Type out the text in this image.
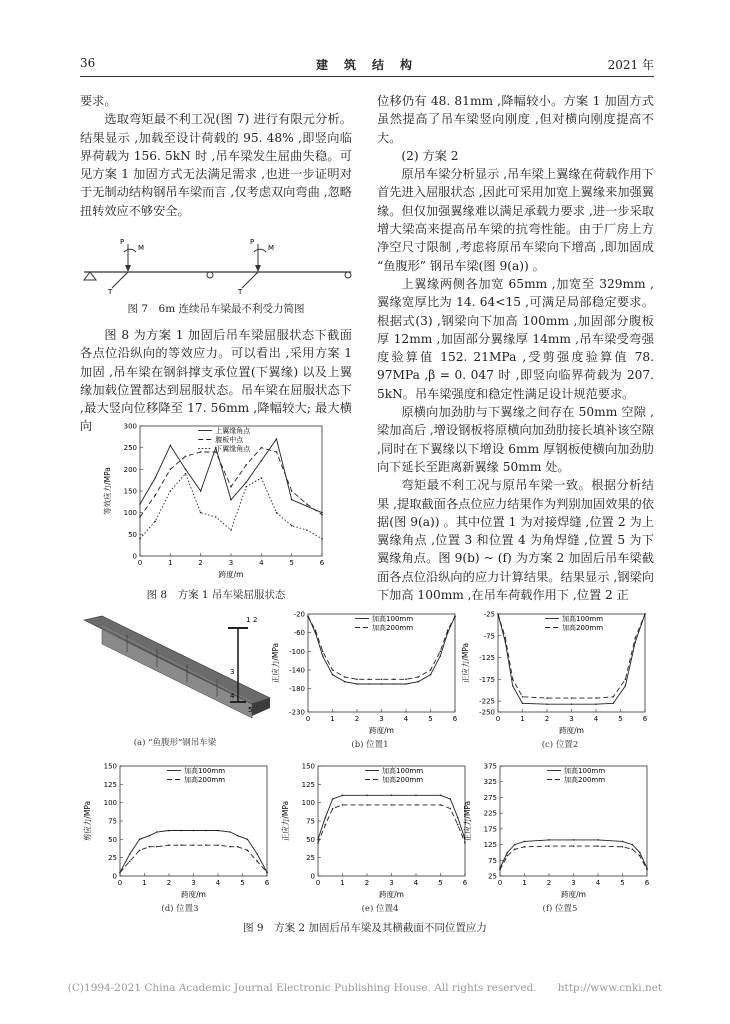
36	建　筑　结　构	2021 年

要求。

选取弯矩最不利工况(图 7) 进行有限元分析。结果显示 ,加载至设计荷载的 95. 48% ,即竖向临界荷载为 156. 5kN 时 ,吊车梁发生屈曲失稳。可见方案 1 加固方式无法满足需求 ,也进一步证明对于无制动结构钢吊车梁而言 ,仅考虑双向弯曲 ,忽略扭转效应不够安全。

P
M
T
P
M
T
图 7　6m 连续吊车梁最不利受力简图

图 8 为方案 1 加固后吊车梁屈服状态下截面各点位沿纵向的等效应力。可以看出 ,采用方案 1 加固 ,吊车梁在钢斜撑支承位置(下翼缘) 以及上翼缘加载位置都达到屈服状态。吊车梁在屈服状态下 ,最大竖向位移降至 17. 56mm ,降幅较大; 最大横向

0	1	2	3	4	5	6
0
50
100
150
200
250
300
跨度/m
等效应力/MPa
上翼缘角点
腹板中点
下翼缘角点
图 8　方案 1 吊车梁屈服状态

位移仍有 48. 81mm ,降幅较小。方案 1 加固方式虽然提高了吊车梁竖向刚度 ,但对横向刚度提高不大。

(2) 方案 2

原吊车梁分析显示 ,吊车梁上翼缘在荷载作用下首先进入屈服状态 ,因此可采用加宽上翼缘来加强翼缘。但仅加强翼缘难以满足承载力要求 ,进一步采取增大梁高来提高吊车梁的抗弯性能。由于厂房上方净空尺寸限制 ,考虑将原吊车梁向下增高 ,即加固成 “鱼腹形” 钢吊车梁(图 9(a)) 。

上翼缘两侧各加宽 65mm ,加宽至 329mm ,翼缘宽厚比为 14. 64<15 ,可满足局部稳定要求。根据式(3) ,钢梁向下加高 100mm ,加固部分腹板厚 12mm ,加固部分翼缘厚 14mm ,吊车梁受弯强度验算值 152. 21MPa ,受剪强度验算值 78. 97MPa ,β = 0. 047 时 ,即竖向临界荷载为 207. 5kN。吊车梁强度和稳定性满足设计规范要求。

原横向加劲肋与下翼缘之间存在 50mm 空隙 ,梁加高后 ,增设钢板将原横向加劲肋接长填补该空隙 ,同时在下翼缘以下增设 6mm 厚钢板使横向加劲肋向下延长至距离新翼缘 50mm 处。

弯矩最不利工况与原吊车梁一致。根据分析结果 ,提取截面各点位应力结果作为判别加固效果的依据(图 9(a)) 。其中位置 1 为对接焊缝 ,位置 2 为上翼缘角点 ,位置 3 和位置 4 为角焊缝 ,位置 5 为下翼缘角点。图 9(b) ~ (f) 为方案 2 加固后吊车梁截面各点位沿纵向的应力计算结果。结果显示 ,钢梁向下加高 100mm ,在吊车荷载作用下 ,位置 2 正

1 2
3
4
5
(a) “鱼腹形”钢吊车梁
0	1	2	3	4	5	6
-20
-60
-100
-140
-180
-230
跨度/m
正应力/MPa
加高100mm
加高200mm
(b) 位置1
0	1	2	3	4	5	6
-25
-75
-125
-175
-225
-250
跨度/m
正应力/MPa
加高100mm
加高200mm
(c) 位置2
0	1	2	3	4	5	6
0
25
50
75
100
125
150
跨度/m
剪应力/MPa
加高100mm
加高200mm
(d) 位置3
0	1	2	3	4	5	6
0
25
50
75
100
125
150
跨度/m
正应力/MPa
加高100mm
加高200mm
(e) 位置4
0	1	2	3	4	5	6
25
75
125
175
225
275
325
375
跨度/m
正应力/MPa
加高100mm
加高200mm
(f) 位置5
图 9　方案 2 加固后吊车梁及其横截面不同位置应力
(C)1994-2021 China Academic Journal Electronic Publishing House. All rights reserved.　　http://www.cnki.net
